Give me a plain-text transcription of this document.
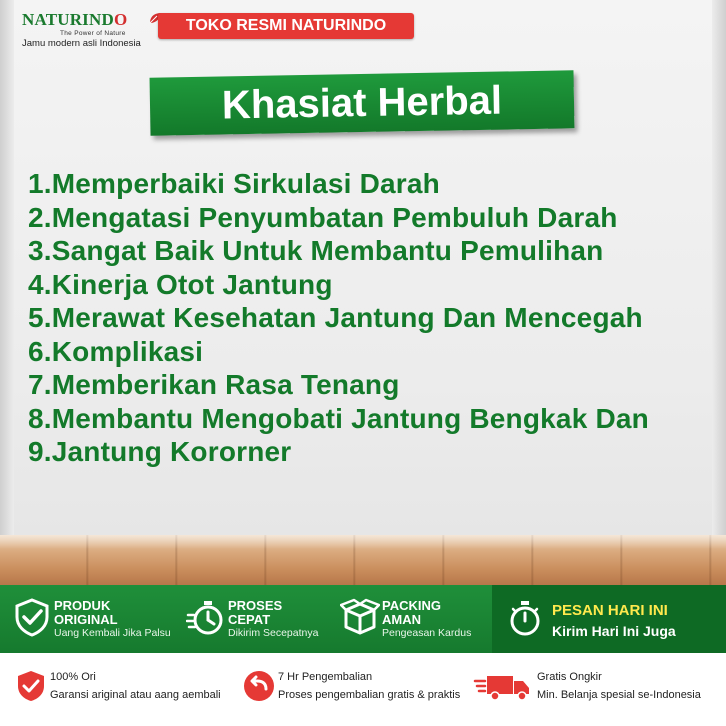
NATURINDO
The Power of Nature
Jamu modern asli Indonesia
TOKO RESMI NATURINDO
Khasiat Herbal
1.Memperbaiki Sirkulasi Darah
2.Mengatasi Penyumbatan Pembuluh Darah
3.Sangat Baik Untuk Membantu Pemulihan
4.Kinerja Otot Jantung
5.Merawat Kesehatan Jantung Dan Mencegah
6.Komplikasi
7.Memberikan Rasa Tenang
8.Membantu Mengobati Jantung Bengkak Dan
9.Jantung Kororner
PRODUK
ORIGINAL
Uang Kembali Jika Palsu
PROSES
CEPAT
Dikirim Secepatnya
PACKING
AMAN
Pengeasan Kardus
PESAN HARI INI
Kirim Hari Ini Juga
100% Ori
Garansi ariginal atau aang aembali
7 Hr Pengembalian
Proses pengembalian gratis & praktis
Gratis Ongkir
Min. Belanja spesial se-Indonesia
